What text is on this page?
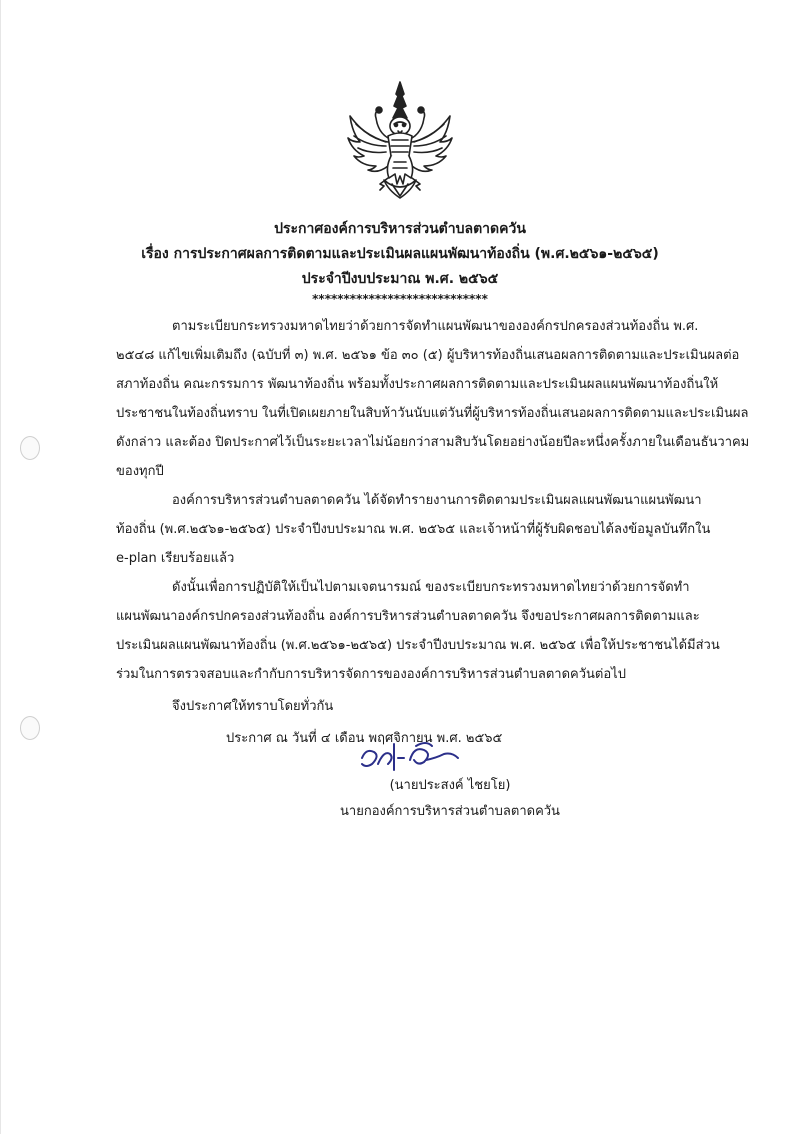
ประกาศองค์การบริหารส่วนตำบลตาดควัน
เรื่อง การประกาศผลการติดตามและประเมินผลแผนพัฒนาท้องถิ่น (พ.ศ.๒๕๖๑-๒๕๖๕)
ประจำปีงบประมาณ พ.ศ. ๒๕๖๕
****************************
ตามระเบียบกระทรวงมหาดไทยว่าด้วยการจัดทำแผนพัฒนาขององค์กรปกครองส่วนท้องถิ่น พ.ศ.
๒๕๔๘ แก้ไขเพิ่มเติมถึง (ฉบับที่ ๓) พ.ศ. ๒๕๖๑ ข้อ ๓๐ (๕) ผู้บริหารท้องถิ่นเสนอผลการติดตามและประเมินผลต่อ
สภาท้องถิ่น คณะกรรมการ พัฒนาท้องถิ่น พร้อมทั้งประกาศผลการติดตามและประเมินผลแผนพัฒนาท้องถิ่นให้
ประชาชนในท้องถิ่นทราบ ในที่เปิดเผยภายในสิบห้าวันนับแต่วันที่ผู้บริหารท้องถิ่นเสนอผลการติดตามและประเมินผล
ดังกล่าว และต้อง ปิดประกาศไว้เป็นระยะเวลาไม่น้อยกว่าสามสิบวันโดยอย่างน้อยปีละหนึ่งครั้งภายในเดือนธันวาคม
ของทุกปี
องค์การบริหารส่วนตำบลตาดควัน ได้จัดทำรายงานการติดตามประเมินผลแผนพัฒนาแผนพัฒนา
ท้องถิ่น (พ.ศ.๒๕๖๑-๒๕๖๕) ประจำปีงบประมาณ พ.ศ. ๒๕๖๕ และเจ้าหน้าที่ผู้รับผิดชอบได้ลงข้อมูลบันทึกใน
e-plan เรียบร้อยแล้ว
ดังนั้นเพื่อการปฏิบัติให้เป็นไปตามเจตนารมณ์ ของระเบียบกระทรวงมหาดไทยว่าด้วยการจัดทำ
แผนพัฒนาองค์กรปกครองส่วนท้องถิ่น องค์การบริหารส่วนตำบลตาดควัน จึงขอประกาศผลการติดตามและ
ประเมินผลแผนพัฒนาท้องถิ่น (พ.ศ.๒๕๖๑-๒๕๖๕) ประจำปีงบประมาณ พ.ศ. ๒๕๖๕ เพื่อให้ประชาชนได้มีส่วน
ร่วมในการตรวจสอบและกำกับการบริหารจัดการขององค์การบริหารส่วนตำบลตาดควันต่อไป
จึงประกาศให้ทราบโดยทั่วกัน
ประกาศ ณ วันที่ ๔ เดือน พฤศจิกายน พ.ศ. ๒๕๖๕
(นายประสงค์ ไชยโย)
นายกองค์การบริหารส่วนตำบลตาดควัน
